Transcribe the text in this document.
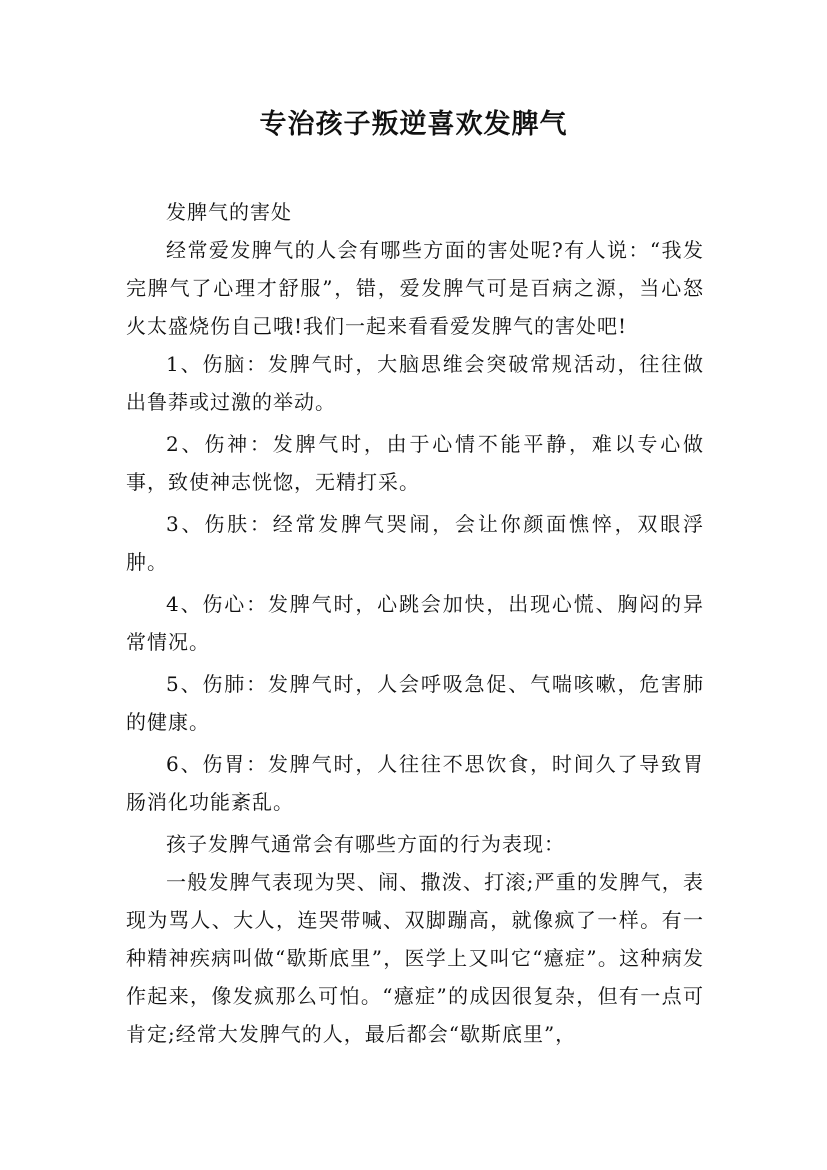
专治孩子叛逆喜欢发脾气

发脾气的害处

经常爱发脾气的人会有哪些方面的害处呢?有人说：“我发完脾气了心理才舒服”，错，爱发脾气可是百病之源，当心怒火太盛烧伤自己哦!我们一起来看看爱发脾气的害处吧!

1、伤脑：发脾气时，大脑思维会突破常规活动，往往做出鲁莽或过激的举动。

2、伤神：发脾气时，由于心情不能平静，难以专心做事，致使神志恍惚，无精打采。

3、伤肤：经常发脾气哭闹，会让你颜面憔悴，双眼浮肿。

4、伤心：发脾气时，心跳会加快，出现心慌、胸闷的异常情况。

5、伤肺：发脾气时，人会呼吸急促、气喘咳嗽，危害肺的健康。

6、伤胃：发脾气时，人往往不思饮食，时间久了导致胃肠消化功能紊乱。

孩子发脾气通常会有哪些方面的行为表现：

一般发脾气表现为哭、闹、撒泼、打滚;严重的发脾气，表现为骂人、大人，连哭带喊、双脚蹦高，就像疯了一样。有一种精神疾病叫做“歇斯底里”，医学上又叫它“癔症”。这种病发作起来，像发疯那么可怕。“癔症”的成因很复杂，但有一点可肯定;经常大发脾气的人，最后都会“歇斯底里”，
